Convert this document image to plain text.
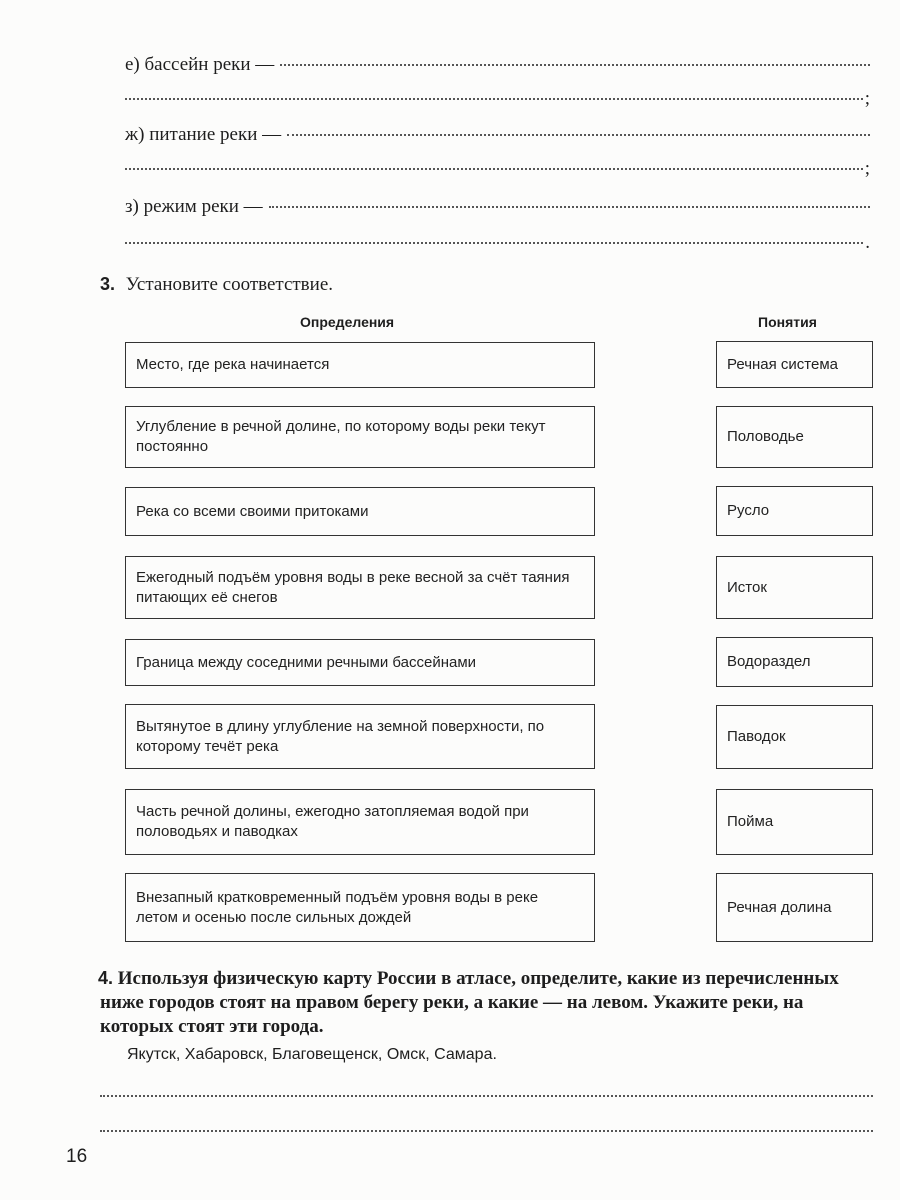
е) бассейн реки —
;
ж) питание реки —
;
з) режим реки —
.
3. Установите соответствие.
Определения	Понятия
Место, где река начинается
Углубление в речной долине, по которому воды реки текут постоянно
Река со всеми своими притоками
Ежегодный подъём уровня воды в реке весной за счёт таяния питающих её снегов
Граница между соседними речными бассейнами
Вытянутое в длину углубление на земной поверхности, по которому течёт река
Часть речной долины, ежегодно затопляемая водой при половодьях и паводках
Внезапный кратковременный подъём уровня воды в реке летом и осенью после сильных дождей
Речная система
Половодье
Русло
Исток
Водораздел
Паводок
Пойма
Речная долина
4. Используя физическую карту России в атласе, определите, какие из перечисленных ниже городов стоят на правом берегу реки, а какие — на левом. Укажите реки, на которых стоят эти города.
Якутск, Хабаровск, Благовещенск, Омск, Самара.
16
